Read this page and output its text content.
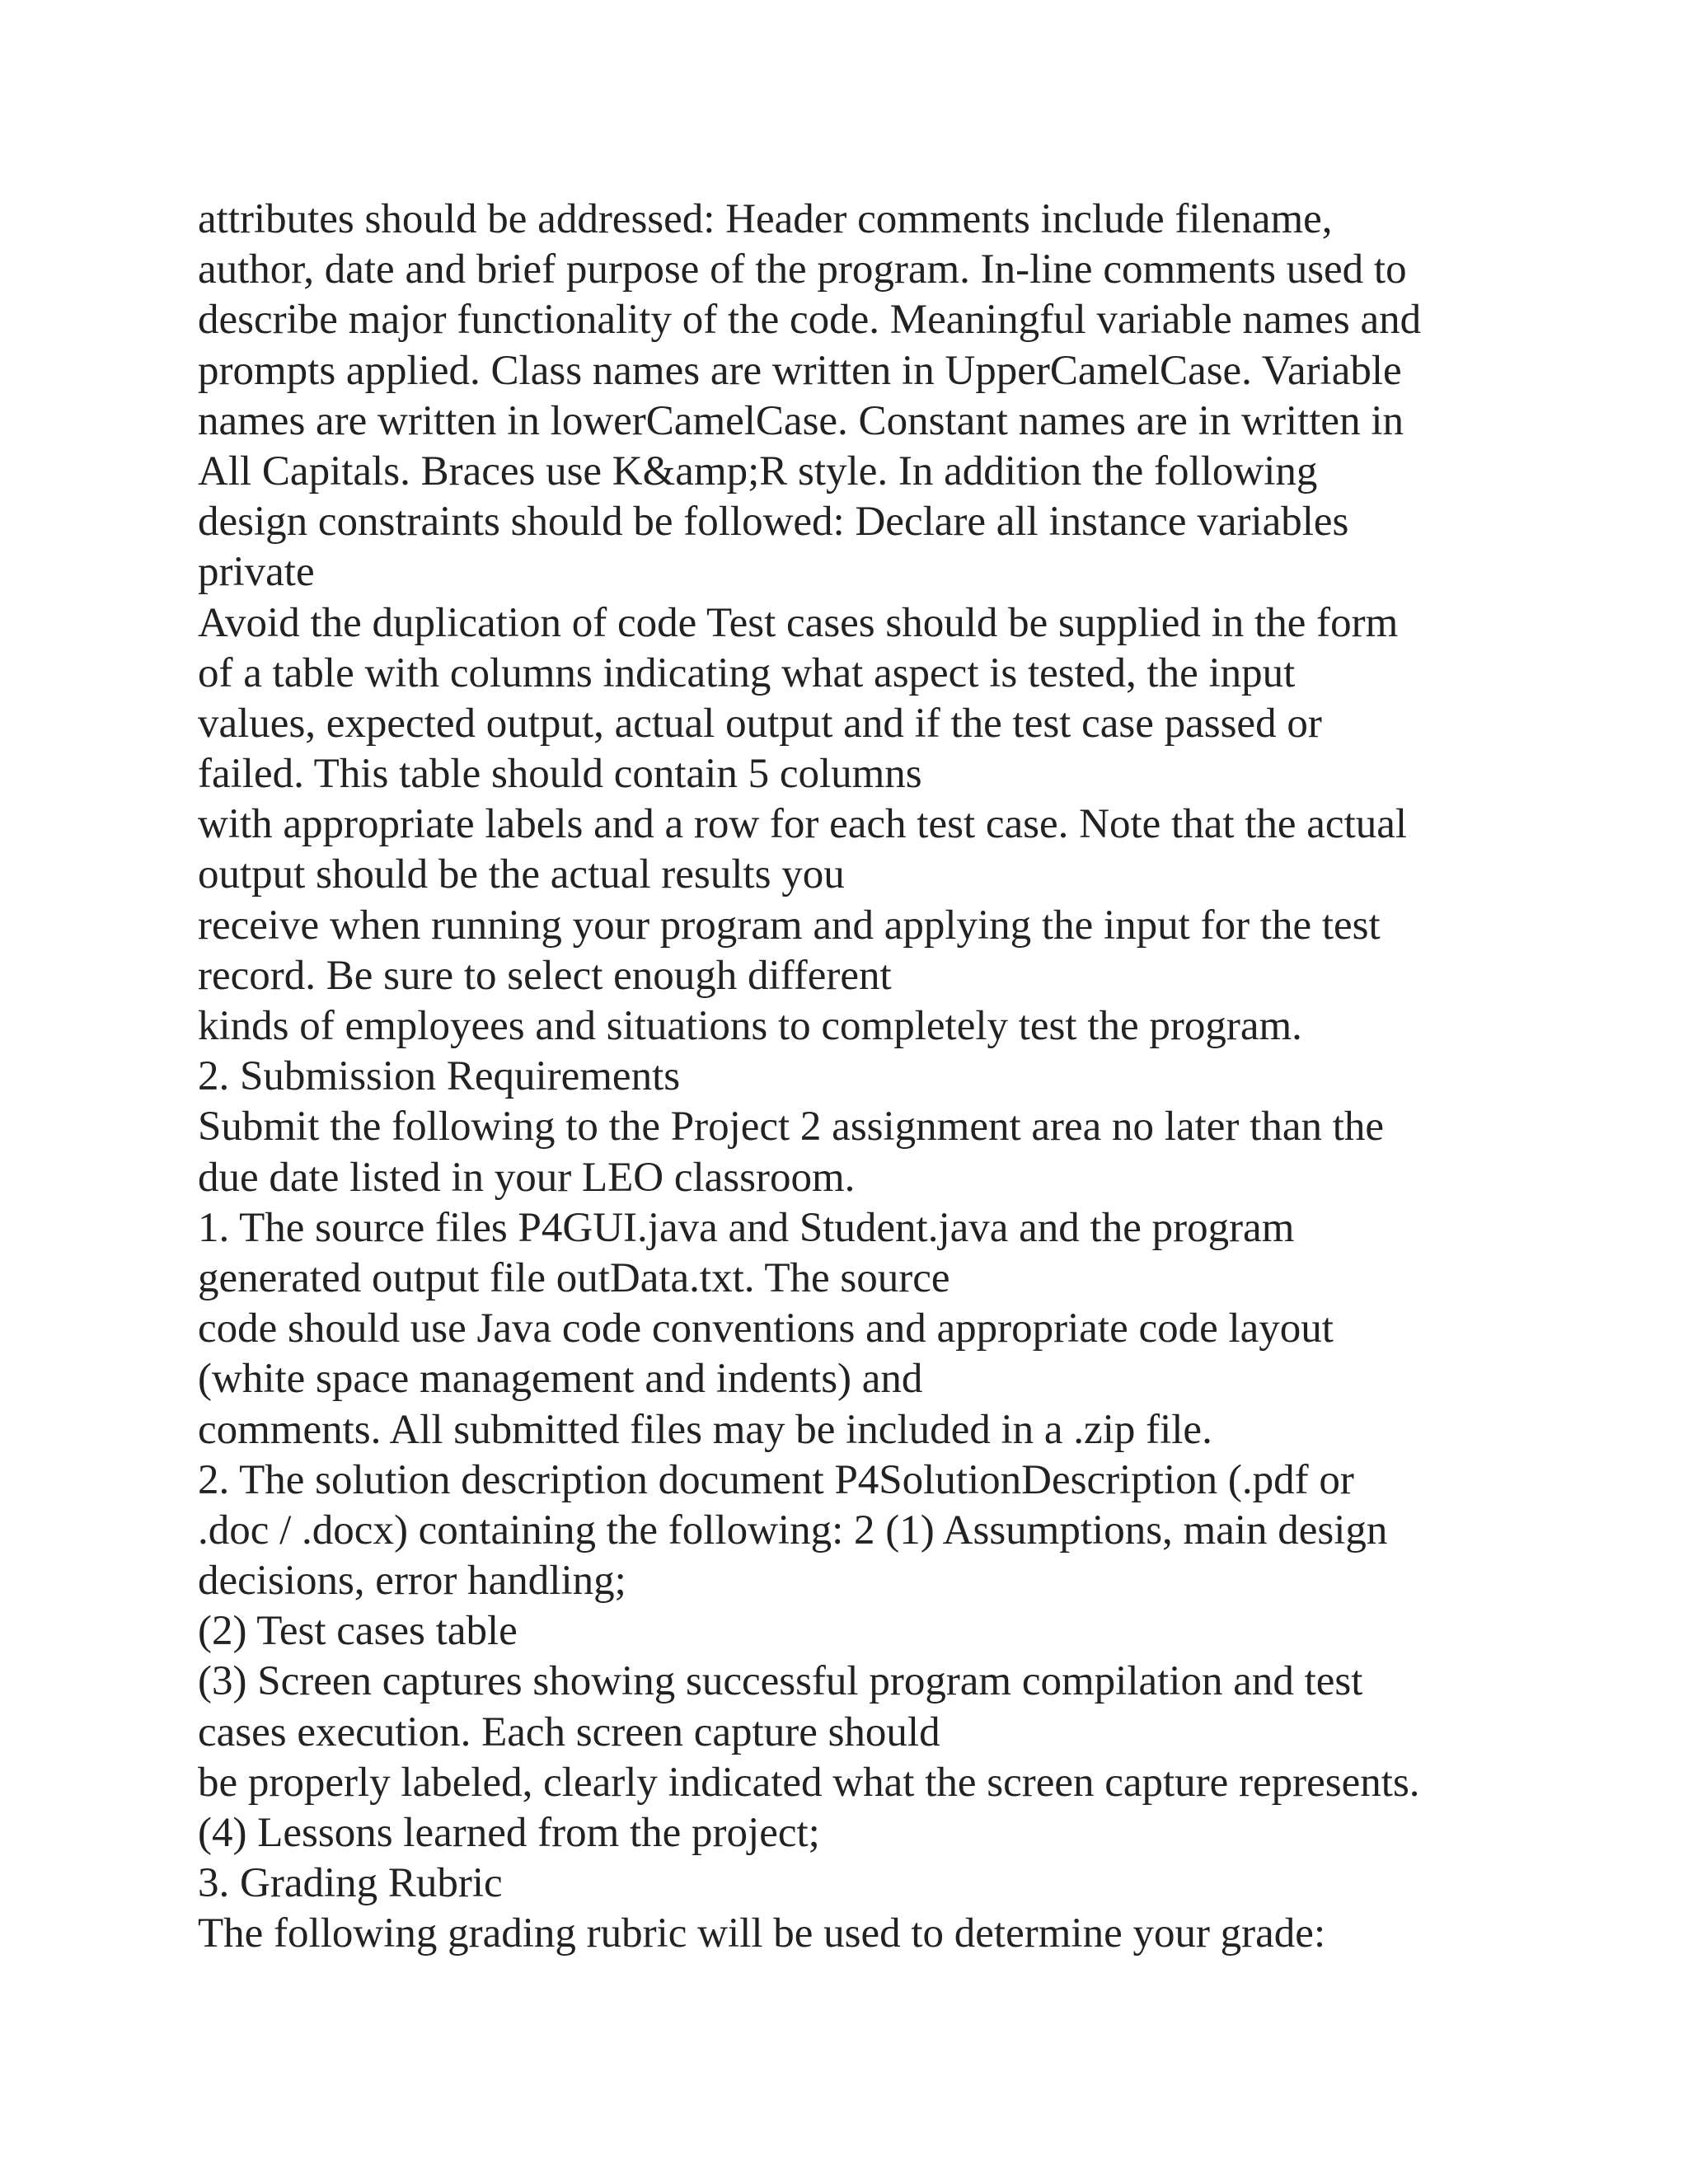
attributes should be addressed: Header comments include filename,
author, date and brief purpose of the program. In-line comments used to
describe major functionality of the code. Meaningful variable names and
prompts applied. Class names are written in UpperCamelCase. Variable
names are written in lowerCamelCase. Constant names are in written in
All Capitals. Braces use K&amp;R style. In addition the following
design constraints should be followed: Declare all instance variables
private
Avoid the duplication of code Test cases should be supplied in the form
of a table with columns indicating what aspect is tested, the input
values, expected output, actual output and if the test case passed or
failed. This table should contain 5 columns
with appropriate labels and a row for each test case. Note that the actual
output should be the actual results you
receive when running your program and applying the input for the test
record. Be sure to select enough different
kinds of employees and situations to completely test the program.
2. Submission Requirements
Submit the following to the Project 2 assignment area no later than the
due date listed in your LEO classroom.
1. The source files P4GUI.java and Student.java and the program
generated output file outData.txt. The source
code should use Java code conventions and appropriate code layout
(white space management and indents) and
comments. All submitted files may be included in a .zip file.
2. The solution description document P4SolutionDescription (.pdf or
.doc / .docx) containing the following: 2 (1) Assumptions, main design
decisions, error handling;
(2) Test cases table
(3) Screen captures showing successful program compilation and test
cases execution. Each screen capture should
be properly labeled, clearly indicated what the screen capture represents.
(4) Lessons learned from the project;
3. Grading Rubric
The following grading rubric will be used to determine your grade:
